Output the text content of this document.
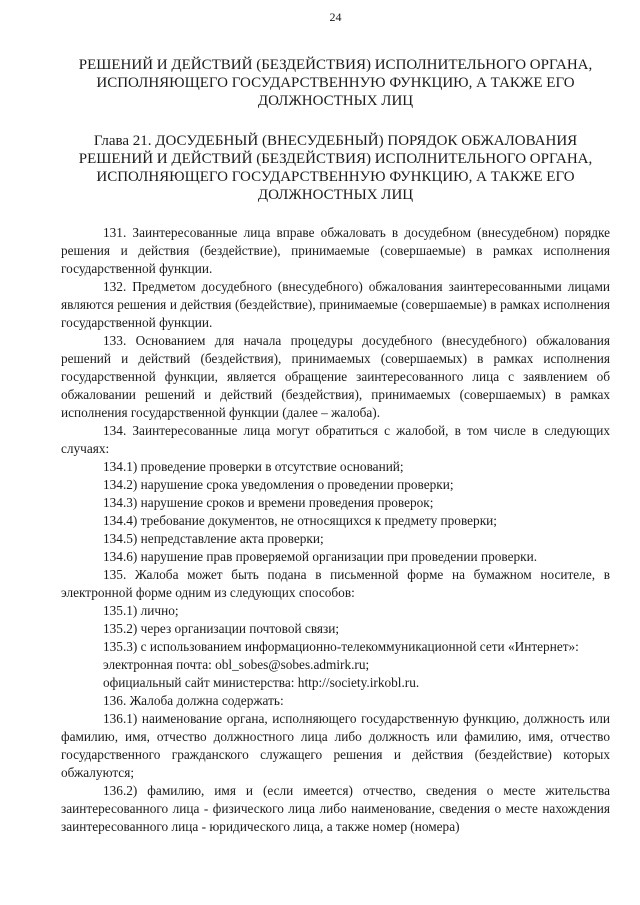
24
РЕШЕНИЙ И ДЕЙСТВИЙ (БЕЗДЕЙСТВИЯ) ИСПОЛНИТЕЛЬНОГО ОРГАНА, ИСПОЛНЯЮЩЕГО ГОСУДАРСТВЕННУЮ ФУНКЦИЮ, А ТАКЖЕ ЕГО ДОЛЖНОСТНЫХ ЛИЦ
Глава 21. ДОСУДЕБНЫЙ (ВНЕСУДЕБНЫЙ) ПОРЯДОК ОБЖАЛОВАНИЯ РЕШЕНИЙ И ДЕЙСТВИЙ (БЕЗДЕЙСТВИЯ) ИСПОЛНИТЕЛЬНОГО ОРГАНА, ИСПОЛНЯЮЩЕГО ГОСУДАРСТВЕННУЮ ФУНКЦИЮ, А ТАКЖЕ ЕГО ДОЛЖНОСТНЫХ ЛИЦ

131. Заинтересованные лица вправе обжаловать в досудебном (внесудебном) порядке решения и действия (бездействие), принимаемые (совершаемые) в рамках исполнения государственной функции.

132. Предметом досудебного (внесудебного) обжалования заинтересованными лицами являются решения и действия (бездействие), принимаемые (совершаемые) в рамках исполнения государственной функции.

133. Основанием для начала процедуры досудебного (внесудебного) обжалования решений и действий (бездействия), принимаемых (совершаемых) в рамках исполнения государственной функции, является обращение заинтересованного лица с заявлением об обжаловании решений и действий (бездействия), принимаемых (совершаемых) в рамках исполнения государственной функции (далее – жалоба).

134. Заинтересованные лица могут обратиться с жалобой, в том числе в следующих случаях:

134.1) проведение проверки в отсутствие оснований;

134.2) нарушение срока уведомления о проведении проверки;

134.3) нарушение сроков и времени проведения проверок;

134.4) требование документов, не относящихся к предмету проверки;

134.5) непредставление акта проверки;

134.6) нарушение прав проверяемой организации при проведении проверки.

135. Жалоба может быть подана в письменной форме на бумажном носителе, в электронной форме одним из следующих способов:

135.1) лично;

135.2) через организации почтовой связи;

135.3) с использованием информационно-телекоммуникационной сети «Интернет»:

электронная почта: obl_sobes@sobes.admirk.ru;

официальный сайт министерства: http://society.irkobl.ru.

136. Жалоба должна содержать:

136.1) наименование органа, исполняющего государственную функцию, должность или фамилию, имя, отчество должностного лица либо должность или фамилию, имя, отчество государственного гражданского служащего решения и действия (бездействие) которых обжалуются;

136.2) фамилию, имя и (если имеется) отчество, сведения о месте жительства заинтересованного лица - физического лица либо наименование, сведения о месте нахождения заинтересованного лица - юридического лица, а также номер (номера)
